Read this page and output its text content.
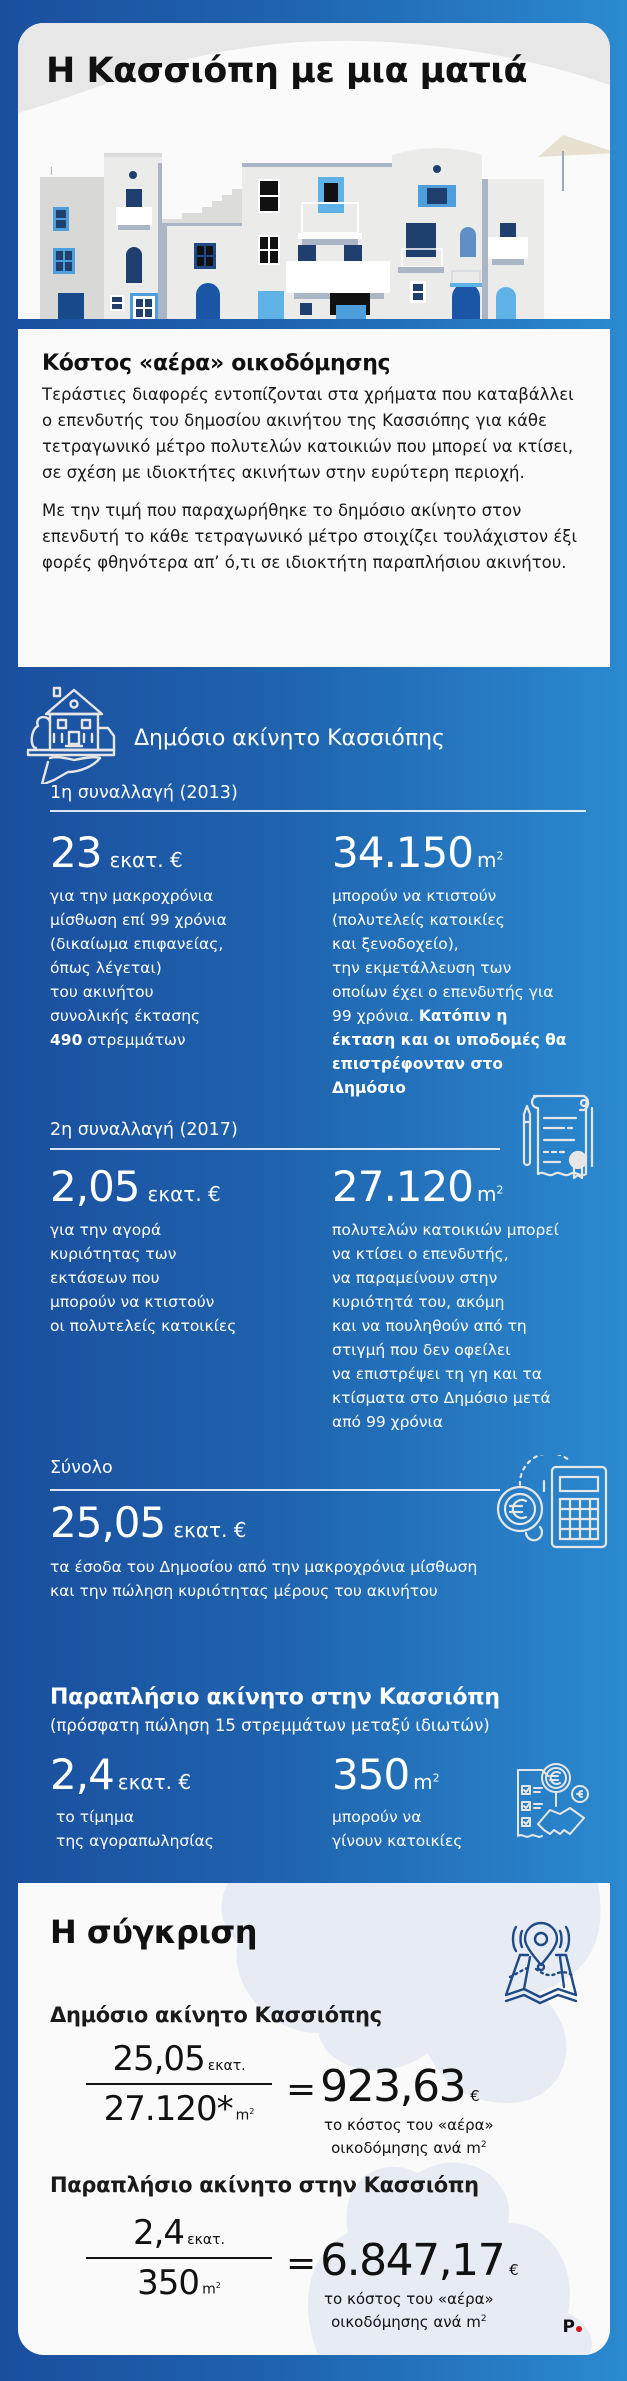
Η Κασσιόπη με μια ματιά
ꟾ
Κόστος «αέρα» οικοδόμησης

Τεράστιες διαφορές εντοπίζονται στα χρήματα που καταβάλλει ο επενδυτής του δημοσίου ακινήτου της Κασσιόπης για κάθε τετραγωνικό μέτρο πολυτελών κατοικιών που μπορεί να κτίσει, σε σχέση με ιδιοκτήτες ακινήτων στην ευρύτερη περιοχή.

Με την τιμή που παραχωρήθηκε το δημόσιο ακίνητο στον επενδυτή το κάθε τετραγωνικό μέτρο στοιχίζει τουλάχιστον έξι φορές φθηνότερα απ’ ό,τι σε ιδιοκτήτη παραπλήσιου ακινήτου.

Δημόσιο ακίνητο Κασσιόπης
1η συναλλαγή (2013)
23 εκατ. €
για την μακροχρόνια
μίσθωση επί 99 χρόνια
(δικαίωμα επιφανείας,
όπως λέγεται)
του ακινήτου
συνολικής έκτασης
490 στρεμμάτων
34.150 $m^2$
μπορούν να κτιστούν
(πολυτελείς κατοικίες
και ξενοδοχείο),
την εκμετάλλευση των
οποίων έχει ο επενδυτής για
99 χρόνια. Κατόπιν η
έκταση και οι υποδομές θα
επιστρέφονταν στο
Δημόσιο
2η συναλλαγή (2017)
2,05 εκατ. €
για την αγορά
κυριότητας των
εκτάσεων που
μπορούν να κτιστούν
οι πολυτελείς κατοικίες
27.120 $m^2$
πολυτελών κατοικιών μπορεί
να κτίσει ο επενδυτής,
να παραμείνουν στην
κυριότητά του, ακόμη
και να πουληθούν από τη
στιγμή που δεν οφείλει
να επιστρέψει τη γη και τα
κτίσματα στο Δημόσιο μετά
από 99 χρόνια
Σύνολο
25,05 εκατ. €
τα έσοδα του Δημοσίου από την μακροχρόνια μίσθωση
και την πώληση κυριότητας μέρους του ακινήτου
Παραπλήσιο ακίνητο στην Κασσιόπη
(πρόσφατη πώληση 15 στρεμμάτων μεταξύ ιδιωτών)
2,4 εκατ. €
το τίμημα
της αγοραπωλησίας
350 $m^2$
μπορούν να
γίνουν κατοικίες
Η σύγκριση
Δημόσιο ακίνητο Κασσιόπης
25,05 εκατ.
27.120* $m^2$
= 923,63 €
το κόστος του «αέρα»
οικοδόμησης ανά $m^2$
Παραπλήσιο ακίνητο στην Κασσιόπη
2,4 εκατ.
350 $m^2$
= 6.847,17 €
το κόστος του «αέρα»
οικοδόμησης ανά $m^2$	P
